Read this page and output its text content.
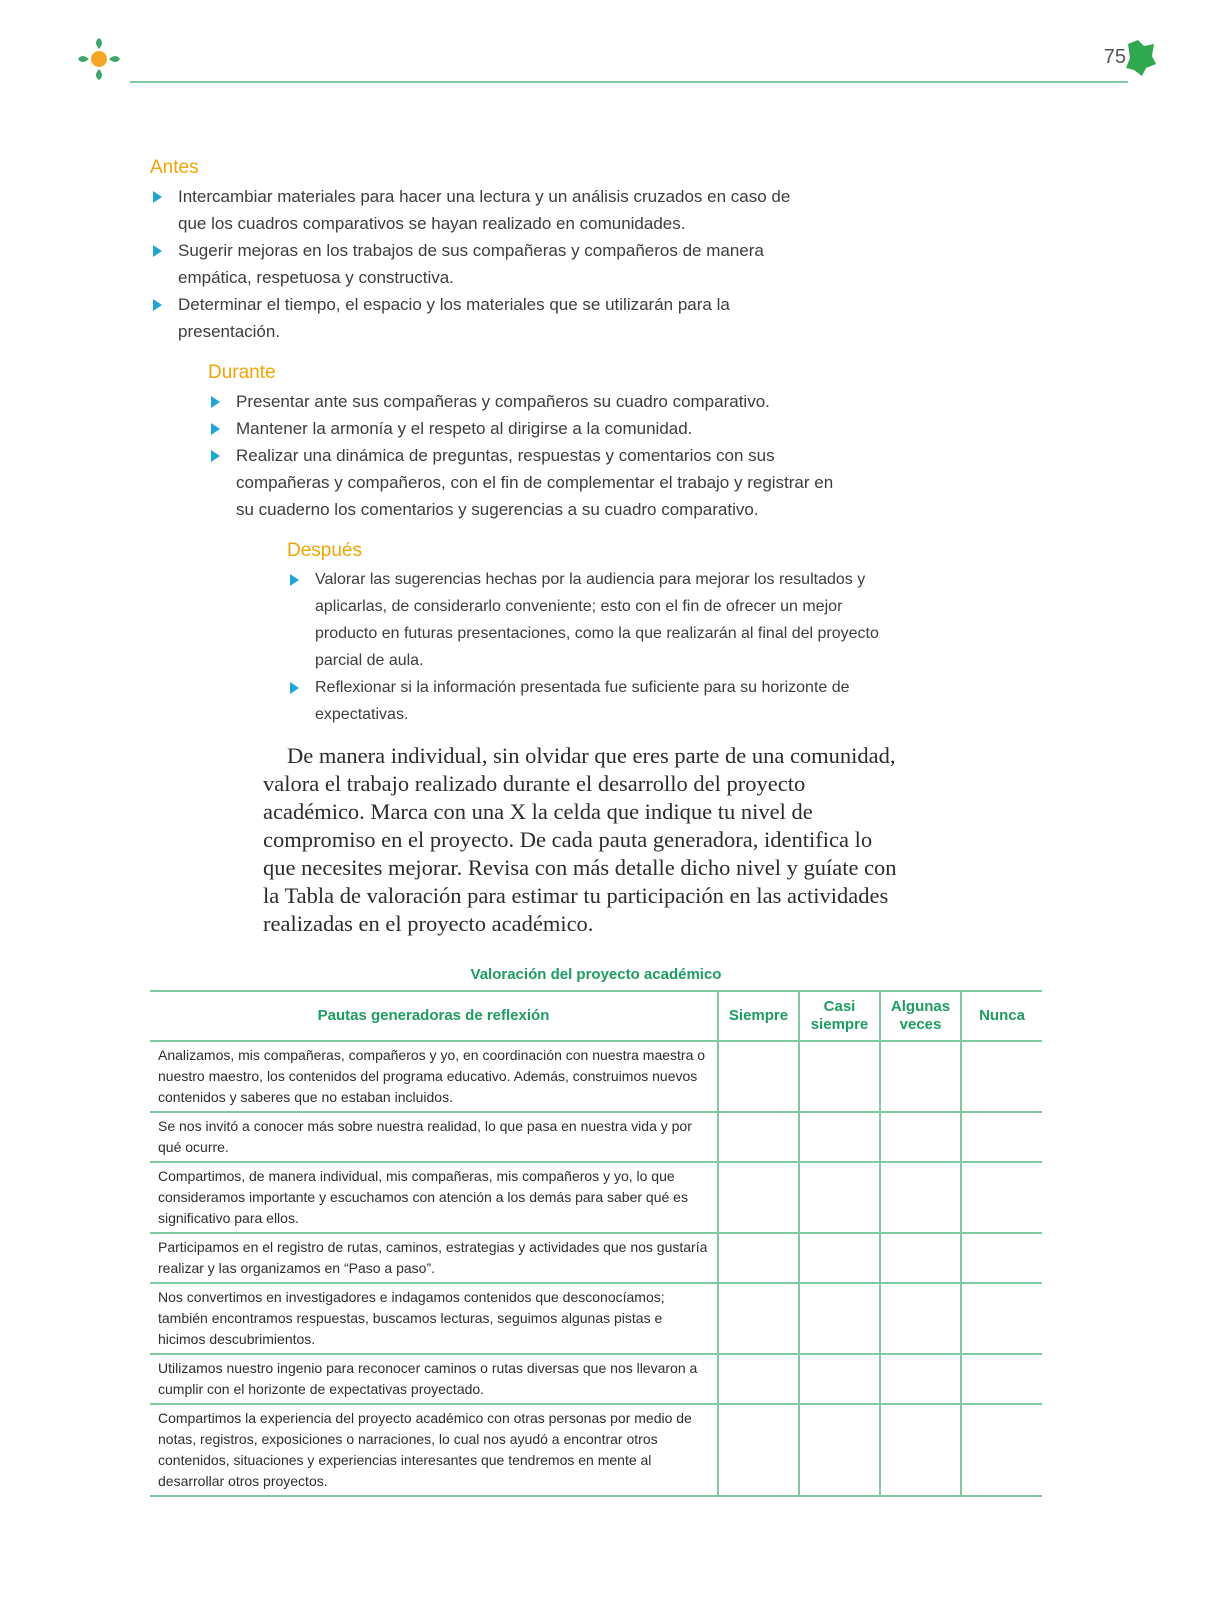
75
Antes
Intercambiar materiales para hacer una lectura y un análisis cruzados en caso de que los cuadros comparativos se hayan realizado en comunidades.
Sugerir mejoras en los trabajos de sus compañeras y compañeros de manera empática, respetuosa y constructiva.
Determinar el tiempo, el espacio y los materiales que se utilizarán para la presentación.
Durante
Presentar ante sus compañeras y compañeros su cuadro comparativo.
Mantener la armonía y el respeto al dirigirse a la comunidad.
Realizar una dinámica de preguntas, respuestas y comentarios con sus compañeras y compañeros, con el fin de complementar el trabajo y registrar en su cuaderno los comentarios y sugerencias a su cuadro comparativo.
Después
Valorar las sugerencias hechas por la audiencia para mejorar los resultados y aplicarlas, de considerarlo conveniente; esto con el fin de ofrecer un mejor producto en futuras presentaciones, como la que realizarán al final del proyecto parcial de aula.
Reflexionar si la información presentada fue suficiente para su horizonte de expectativas.

De manera individual, sin olvidar que eres parte de una comunidad, valora el trabajo realizado durante el desarrollo del proyecto académico. Marca con una X la celda que indique tu nivel de compromiso en el proyecto. De cada pauta generadora, identifica lo que necesites mejorar. Revisa con más detalle dicho nivel y guíate con la Tabla de valoración para estimar tu participación en las actividades realizadas en el proyecto académico.

Valoración del proyecto académico
Pautas generadoras de reflexión	Siempre	Casi siempre	Algunas veces	Nunca
Analizamos, mis compañeras, compañeros y yo, en coordinación con nuestra maestra o nuestro maestro, los contenidos del programa educativo. Además, construimos nuevos contenidos y saberes que no estaban incluidos.				
Se nos invitó a conocer más sobre nuestra realidad, lo que pasa en nuestra vida y por qué ocurre.				
Compartimos, de manera individual, mis compañeras, mis compañeros y yo, lo que consideramos importante y escuchamos con atención a los demás para saber qué es significativo para ellos.				
Participamos en el registro de rutas, caminos, estrategias y actividades que nos gustaría realizar y las organizamos en “Paso a paso”.				
Nos convertimos en investigadores e indagamos contenidos que desconocíamos; también encontramos respuestas, buscamos lecturas, seguimos algunas pistas e hicimos descubrimientos.				
Utilizamos nuestro ingenio para reconocer caminos o rutas diversas que nos llevaron a cumplir con el horizonte de expectativas proyectado.				
Compartimos la experiencia del proyecto académico con otras personas por medio de notas, registros, exposiciones o narraciones, lo cual nos ayudó a encontrar otros contenidos, situaciones y experiencias interesantes que tendremos en mente al desarrollar otros proyectos.				
